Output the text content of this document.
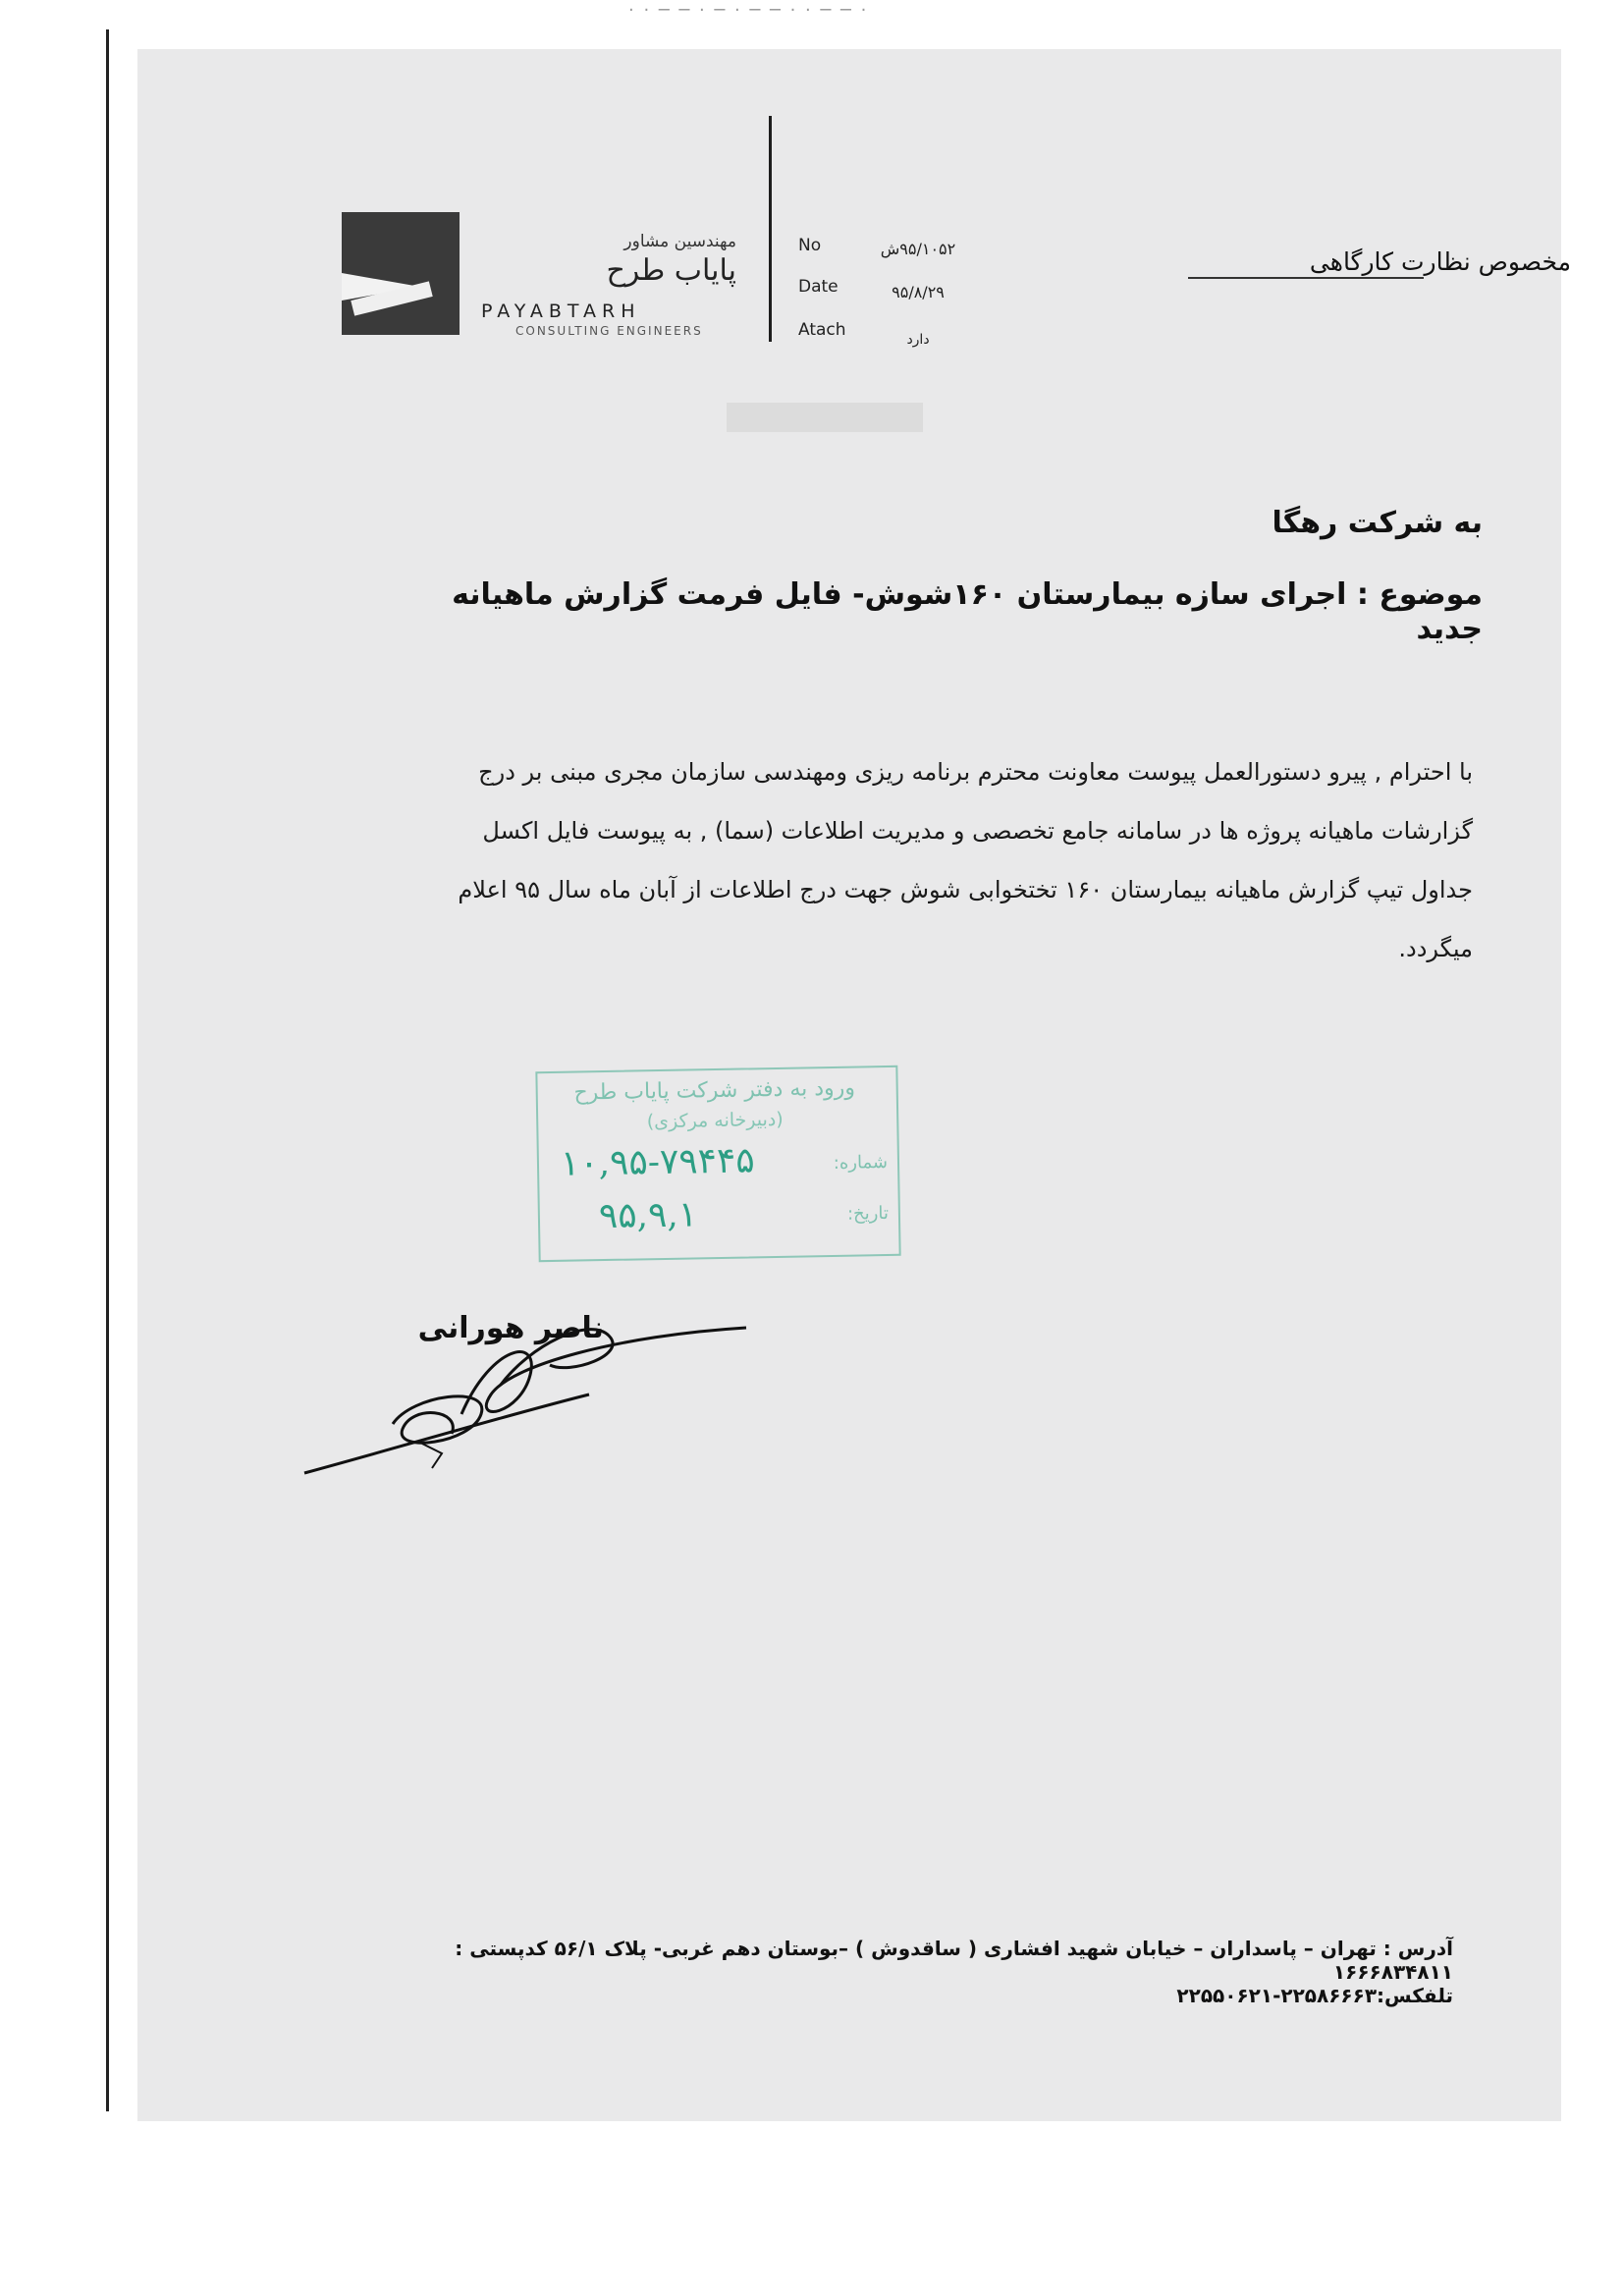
· · ─ ─ · ─ · ─ ─ · · ─ ─ ·
مهندسین مشاور
پایاب طرح
PAYABTARH
CONSULTING ENGINEERS
No	۹۵/۱۰۵۲ش
Date	۹۵/۸/۲۹
Atach	دارد
مخصوص نظارت کارگاهی
به شرکت رهگا
موضوع : اجرای سازه بیمارستان ۱۶۰شوش- فایل فرمت گزارش ماهیانه جدید
با احترام , پیرو دستورالعمل پیوست معاونت محترم برنامه ریزی ومهندسی سازمان مجری مبنی بر درج
گزارشات ماهیانه پروژه ها در سامانه جامع تخصصی و مدیریت اطلاعات (سما) , به پیوست فایل اکسل
جداول تیپ گزارش ماهیانه بیمارستان ۱۶۰ تختخوابی شوش جهت درج اطلاعات از آبان ماه سال ۹۵ اعلام
میگردد.
ورود به دفتر شرکت پایاب طرح
(دبیرخانه مرکزی)
شماره:
۱۰,۹۵-۷۹۴۴۵
تاریخ:
۹۵,۹,۱
ناصر هورانی
آدرس : تهران – پاسداران – خیابان شهید افشاری ( ساقدوش ) –بوستان دهم غربی- پلاک ۵۶/۱ کدپستی : ۱۶۶۶۸۳۴۸۱۱
تلفکس:۲۲۵۸۶۶۶۳-۲۲۵۵۰۶۲۱
